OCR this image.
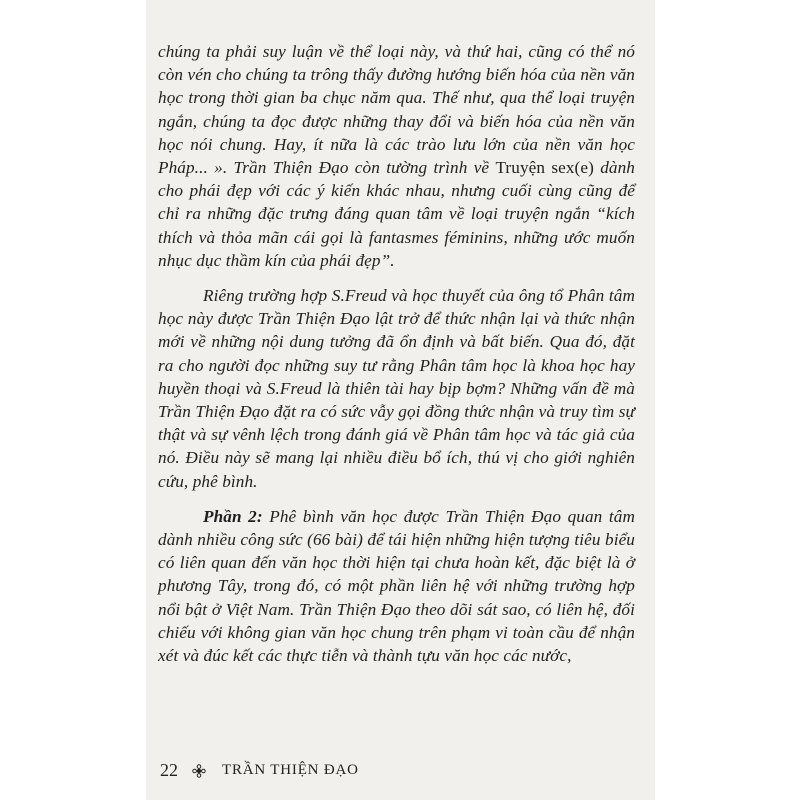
chúng ta phải suy luận về thể loại này, và thứ hai, cũng có thể nó còn vén cho chúng ta trông thấy đường hướng biến hóa của nền văn học trong thời gian ba chục năm qua. Thế như, qua thể loại truyện ngắn, chúng ta đọc được những thay đổi và biến hóa của nền văn học nói chung. Hay, ít nữa là các trào lưu lớn của nền văn học Pháp... ». Trần Thiện Đạo còn tường trình về Truyện sex(e) dành cho phái đẹp với các ý kiến khác nhau, nhưng cuối cùng cũng để chỉ ra những đặc trưng đáng quan tâm về loại truyện ngắn “kích thích và thỏa mãn cái gọi là fantasmes féminins, những ước muốn nhục dục thầm kín của phái đẹp”.

Riêng trường hợp S.Freud và học thuyết của ông tổ Phân tâm học này được Trần Thiện Đạo lật trở để thức nhận lại và thức nhận mới về những nội dung tưởng đã ổn định và bất biến. Qua đó, đặt ra cho người đọc những suy tư rằng Phân tâm học là khoa học hay huyền thoại và S.Freud là thiên tài hay bịp bợm? Những vấn đề mà Trần Thiện Đạo đặt ra có sức vẫy gọi đồng thức nhận và truy tìm sự thật và sự vênh lệch trong đánh giá về Phân tâm học và tác giả của nó. Điều này sẽ mang lại nhiều điều bổ ích, thú vị cho giới nghiên cứu, phê bình.

Phần 2: Phê bình văn học được Trần Thiện Đạo quan tâm dành nhiều công sức (66 bài) để tái hiện những hiện tượng tiêu biểu có liên quan đến văn học thời hiện tại chưa hoàn kết, đặc biệt là ở phương Tây, trong đó, có một phần liên hệ với những trường hợp nổi bật ở Việt Nam. Trần Thiện Đạo theo dõi sát sao, có liên hệ, đối chiếu với không gian văn học chung trên phạm vi toàn cầu để nhận xét và đúc kết các thực tiễn và thành tựu văn học các nước,

22	TRẦN THIỆN ĐẠO
